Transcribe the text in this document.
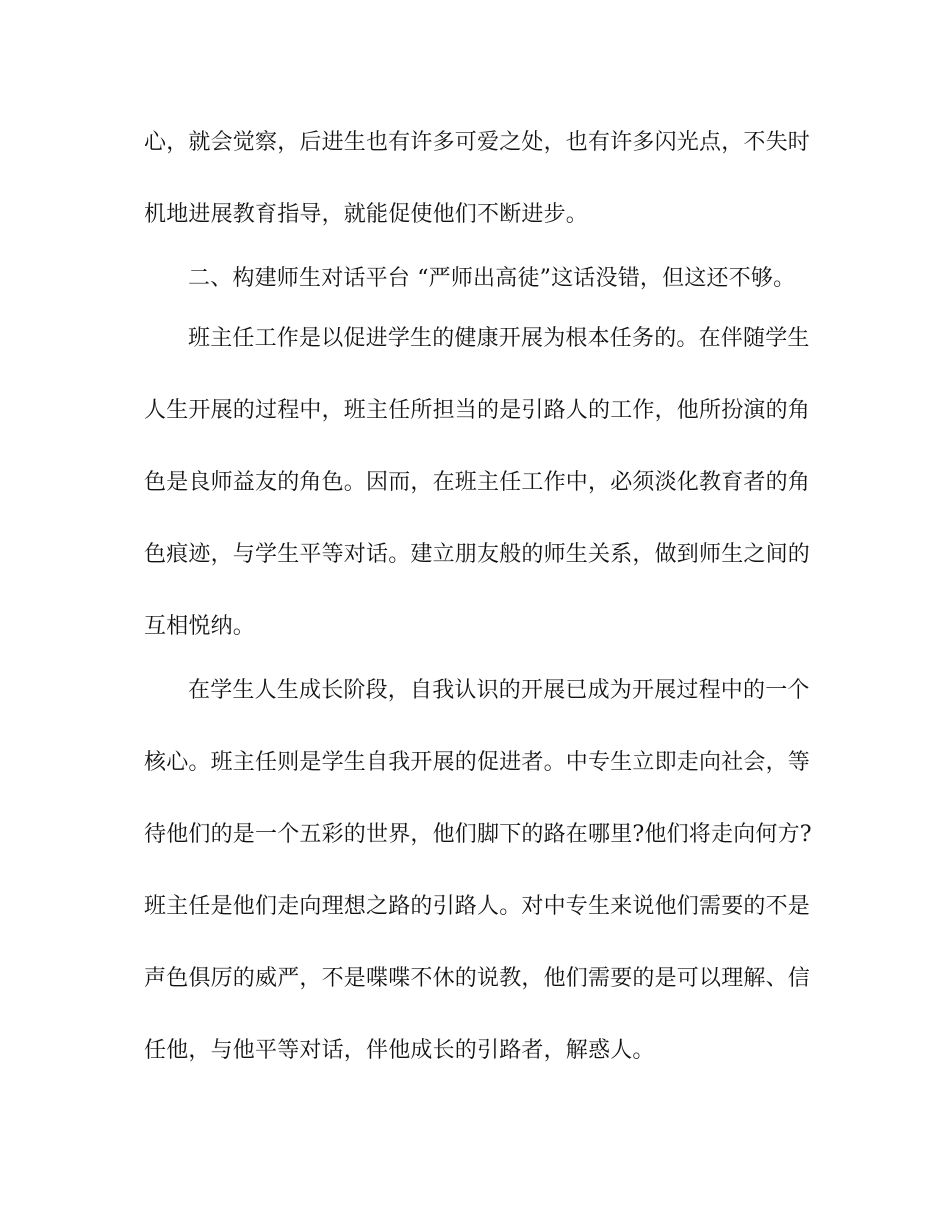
心，就会觉察，后进生也有许多可爱之处，也有许多闪光点，不失时
机地进展教育指导，就能促使他们不断进步。
二、构建师生对话平台 “严师出高徒”这话没错，但这还不够。
班主任工作是以促进学生的健康开展为根本任务的。在伴随学生
人生开展的过程中，班主任所担当的是引路人的工作，他所扮演的角
色是良师益友的角色。因而，在班主任工作中，必须淡化教育者的角
色痕迹，与学生平等对话。建立朋友般的师生关系，做到师生之间的
互相悦纳。
在学生人生成长阶段，自我认识的开展已成为开展过程中的一个
核心。班主任则是学生自我开展的促进者。中专生立即走向社会，等
待他们的是一个五彩的世界，他们脚下的路在哪里?他们将走向何方?
班主任是他们走向理想之路的引路人。对中专生来说他们需要的不是
声色俱厉的威严，不是喋喋不休的说教，他们需要的是可以理解、信
任他，与他平等对话，伴他成长的引路者，解惑人。
